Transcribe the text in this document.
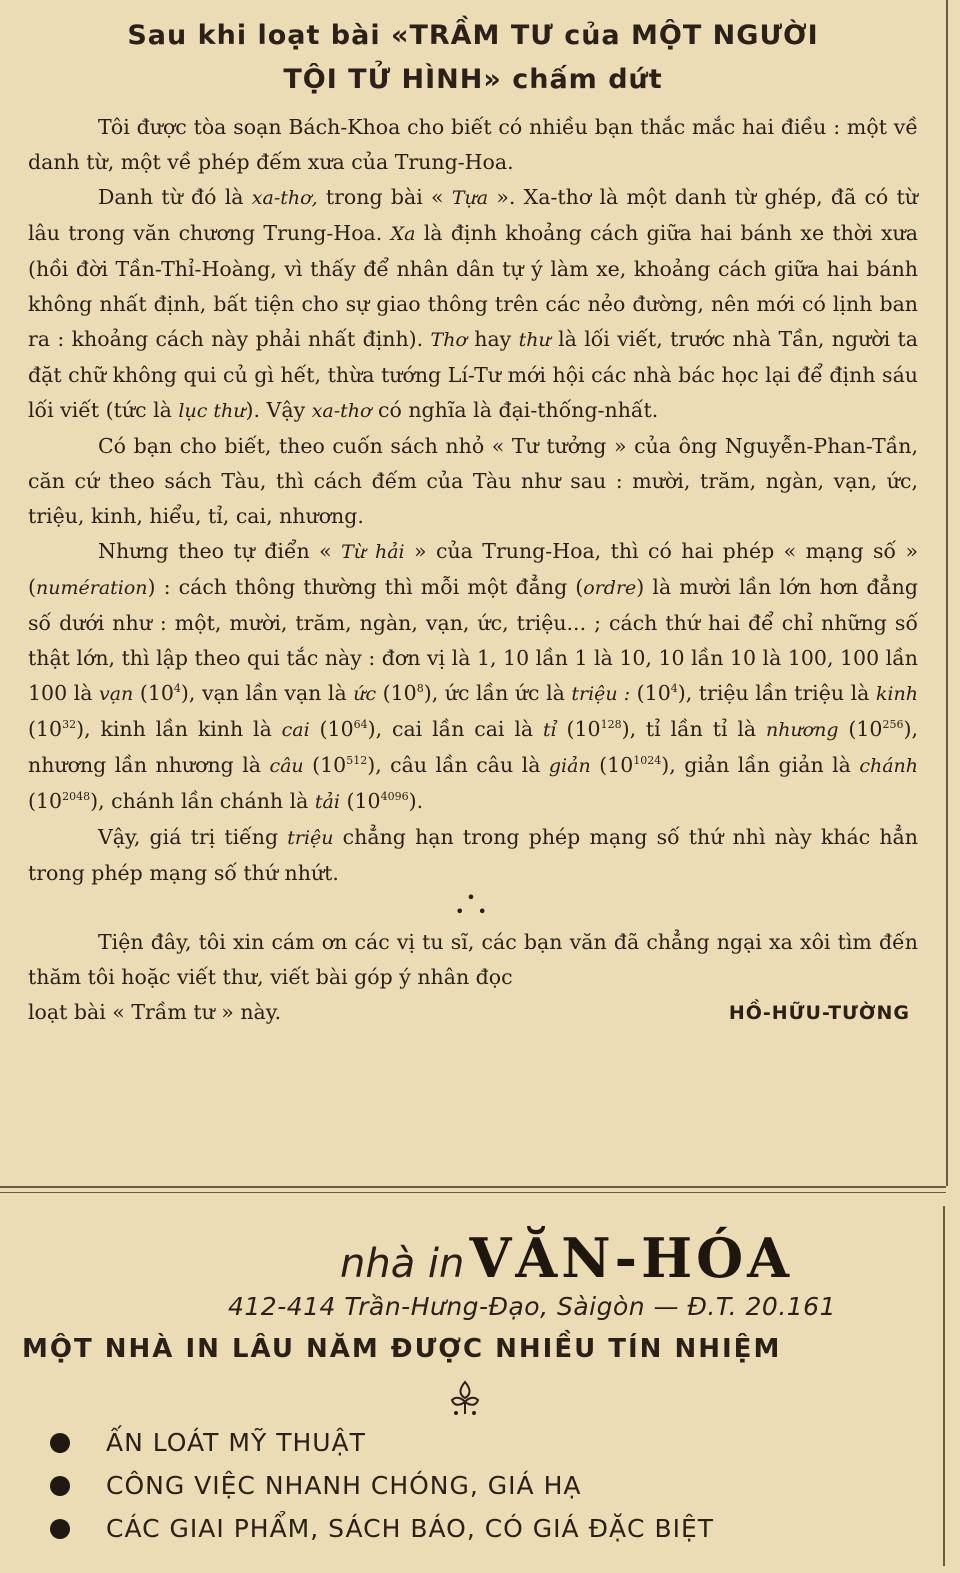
Sau khi loạt bài «TRẦM TƯ của MỘT NGƯỜI
TỘI TỬ HÌNH» chấm dứt

Tôi được tòa soạn Bách-Khoa cho biết có nhiều bạn thắc mắc hai điều : một về danh từ, một về phép đếm xưa của Trung-Hoa.

Danh từ đó là xa-thơ, trong bài « Tựa ». Xa-thơ là một danh từ ghép, đã có từ lâu trong văn chương Trung-Hoa. Xa là định khoảng cách giữa hai bánh xe thời xưa (hồi đời Tần-Thỉ-Hoàng, vì thấy để nhân dân tự ý làm xe, khoảng cách giữa hai bánh không nhất định, bất tiện cho sự giao thông trên các nẻo đường, nên mới có lịnh ban ra : khoảng cách này phải nhất định). Thơ hay thư là lối viết, trước nhà Tần, người ta đặt chữ không qui củ gì hết, thừa tướng Lí-Tư mới hội các nhà bác học lại để định sáu lối viết (tức là lục thư). Vậy xa-thơ có nghĩa là đại-thống-nhất.

Có bạn cho biết, theo cuốn sách nhỏ « Tư tưởng » của ông Nguyễn-Phan-Tần, căn cứ theo sách Tàu, thì cách đếm của Tàu như sau : mười, trăm, ngàn, vạn, ức, triệu, kinh, hiểu, tỉ, cai, nhương.

Nhưng theo tự điển « Từ hải » của Trung-Hoa, thì có hai phép « mạng số » (numération) : cách thông thường thì mỗi một đẳng (ordre) là mười lần lớn hơn đẳng số dưới như : một, mười, trăm, ngàn, vạn, ức, triệu... ; cách thứ hai để chỉ những số thật lớn, thì lập theo qui tắc này : đơn vị là 1, 10 lần 1 là 10, 10 lần 10 là 100, 100 lần 100 là vạn $(10^4)$, vạn lần vạn là ức $(10^8)$, ức lần ức là triệu : $(10^4)$, triệu lần triệu là kinh $(10^{32})$, kinh lần kinh là cai $(10^{64})$, cai lần cai là tỉ $(10^{128})$, tỉ lần tỉ là nhương $(10^{256})$, nhương lần nhương là câu $(10^{512})$, câu lần câu là giản $(10^{1024})$, giản lần giản là chánh $(10^{2048})$, chánh lần chánh là tải $(10^{4096})$.

Vậy, giá trị tiếng triệu chẳng hạn trong phép mạng số thứ nhì này khác hẳn trong phép mạng số thứ nhứt.

•
• •

Tiện đây, tôi xin cám ơn các vị tu sĩ, các bạn văn đã chẳng ngại xa xôi tìm đến thăm tôi hoặc viết thư, viết bài góp ý nhân đọc

loạt bài « Trầm tư » này.	HỒ-HỮU-TƯỜNG
nhà in VĂN-HÓA
412-414 Trần-Hưng-Đạo, Sàigòn — Đ.T. 20.161
MỘT NHÀ IN LÂU NĂM ĐƯỢC NHIỀU TÍN NHIỆM
ẤN LOÁT MỸ THUẬT
CÔNG VIỆC NHANH CHÓNG, GIÁ HẠ
CÁC GIAI PHẨM, SÁCH BÁO, CÓ GIÁ ĐẶC BIỆT
